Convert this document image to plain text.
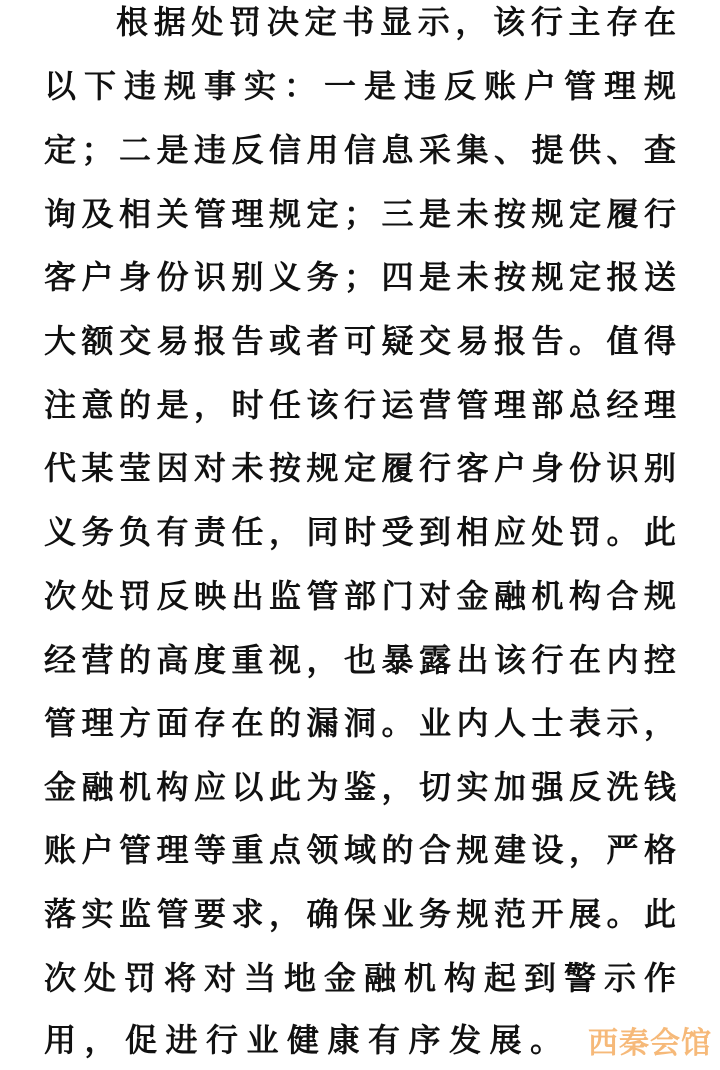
根据处罚决定书显示，该行主存在
以下违规事实：一是违反账户管理规
定；二是违反信用信息采集、提供、查
询及相关管理规定；三是未按规定履行
客户身份识别义务；四是未按规定报送
大额交易报告或者可疑交易报告。值得
注意的是，时任该行运营管理部总经理
代某莹因对未按规定履行客户身份识别
义务负有责任，同时受到相应处罚。此
次处罚反映出监管部门对金融机构合规
经营的高度重视，也暴露出该行在内控
管理方面存在的漏洞。业内人士表示，
金融机构应以此为鉴，切实加强反洗钱
账户管理等重点领域的合规建设，严格
落实监管要求，确保业务规范开展。此
次处罚将对当地金融机构起到警示作
用，促进行业健康有序发展。 西秦会馆
